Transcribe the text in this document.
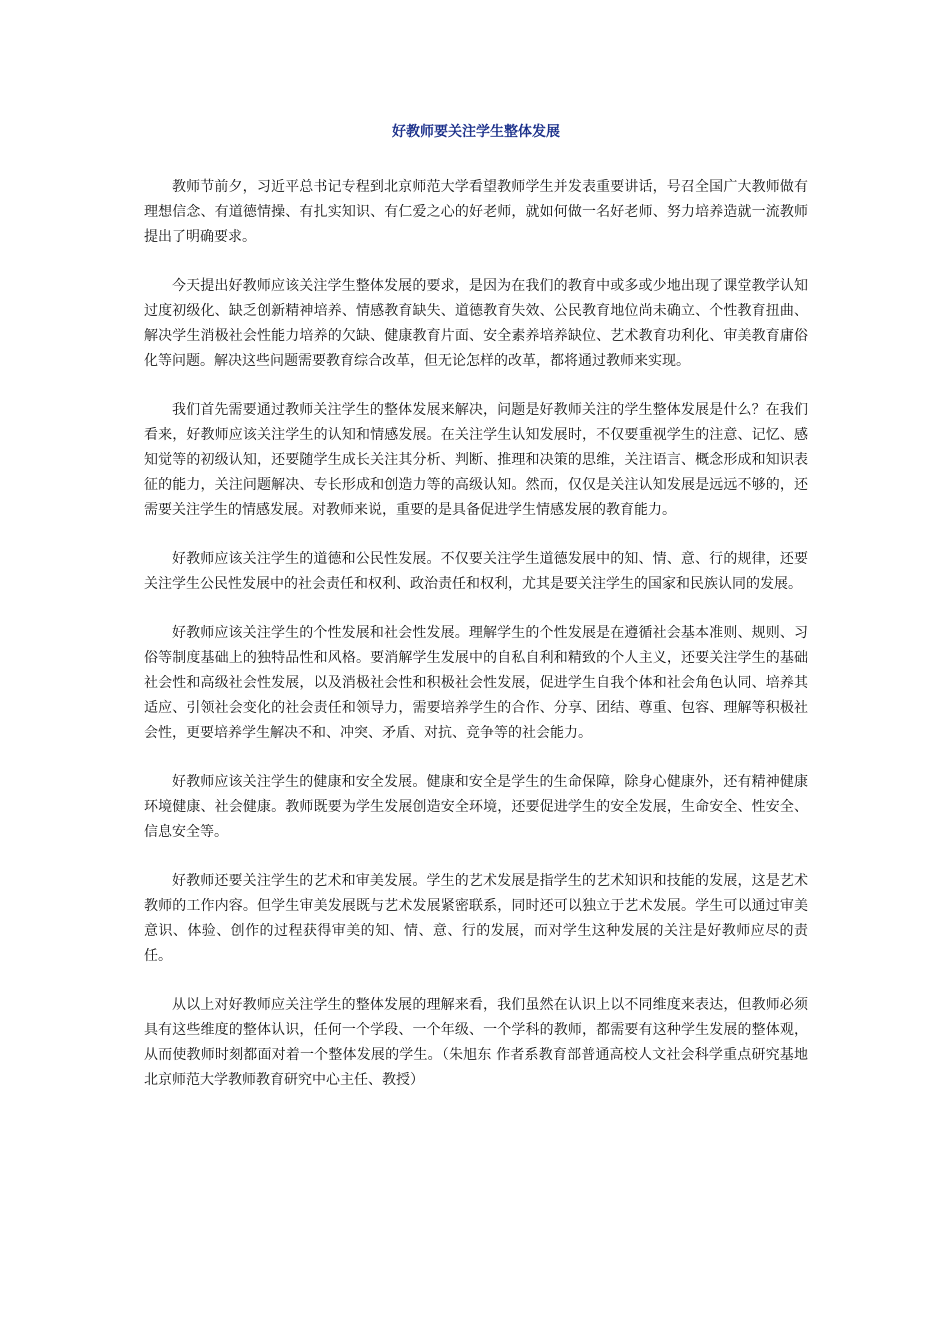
好教师要关注学生整体发展

教师节前夕，习近平总书记专程到北京师范大学看望教师学生并发表重要讲话，号召全国广大教师做有理想信念、有道德情操、有扎实知识、有仁爱之心的好老师，就如何做一名好老师、努力培养造就一流教师提出了明确要求。

今天提出好教师应该关注学生整体发展的要求，是因为在我们的教育中或多或少地出现了课堂教学认知过度初级化、缺乏创新精神培养、情感教育缺失、道德教育失效、公民教育地位尚未确立、个性教育扭曲、解决学生消极社会性能力培养的欠缺、健康教育片面、安全素养培养缺位、艺术教育功利化、审美教育庸俗化等问题。解决这些问题需要教育综合改革，但无论怎样的改革，都将通过教师来实现。

我们首先需要通过教师关注学生的整体发展来解决，问题是好教师关注的学生整体发展是什么？在我们看来，好教师应该关注学生的认知和情感发展。在关注学生认知发展时，不仅要重视学生的注意、记忆、感知觉等的初级认知，还要随学生成长关注其分析、判断、推理和决策的思维，关注语言、概念形成和知识表征的能力，关注问题解决、专长形成和创造力等的高级认知。然而，仅仅是关注认知发展是远远不够的，还需要关注学生的情感发展。对教师来说，重要的是具备促进学生情感发展的教育能力。

好教师应该关注学生的道德和公民性发展。不仅要关注学生道德发展中的知、情、意、行的规律，还要关注学生公民性发展中的社会责任和权利、政治责任和权利，尤其是要关注学生的国家和民族认同的发展。

好教师应该关注学生的个性发展和社会性发展。理解学生的个性发展是在遵循社会基本准则、规则、习俗等制度基础上的独特品性和风格。要消解学生发展中的自私自利和精致的个人主义，还要关注学生的基础社会性和高级社会性发展，以及消极社会性和积极社会性发展，促进学生自我个体和社会角色认同、培养其适应、引领社会变化的社会责任和领导力，需要培养学生的合作、分享、团结、尊重、包容、理解等积极社会性，更要培养学生解决不和、冲突、矛盾、对抗、竞争等的社会能力。

好教师应该关注学生的健康和安全发展。健康和安全是学生的生命保障，除身心健康外，还有精神健康环境健康、社会健康。教师既要为学生发展创造安全环境，还要促进学生的安全发展，生命安全、性安全、信息安全等。

好教师还要关注学生的艺术和审美发展。学生的艺术发展是指学生的艺术知识和技能的发展，这是艺术教师的工作内容。但学生审美发展既与艺术发展紧密联系，同时还可以独立于艺术发展。学生可以通过审美意识、体验、创作的过程获得审美的知、情、意、行的发展，而对学生这种发展的关注是好教师应尽的责任。

从以上对好教师应关注学生的整体发展的理解来看，我们虽然在认识上以不同维度来表达，但教师必须具有这些维度的整体认识，任何一个学段、一个年级、一个学科的教师，都需要有这种学生发展的整体观，从而使教师时刻都面对着一个整体发展的学生。（朱旭东 作者系教育部普通高校人文社会科学重点研究基地北京师范大学教师教育研究中心主任、教授）
